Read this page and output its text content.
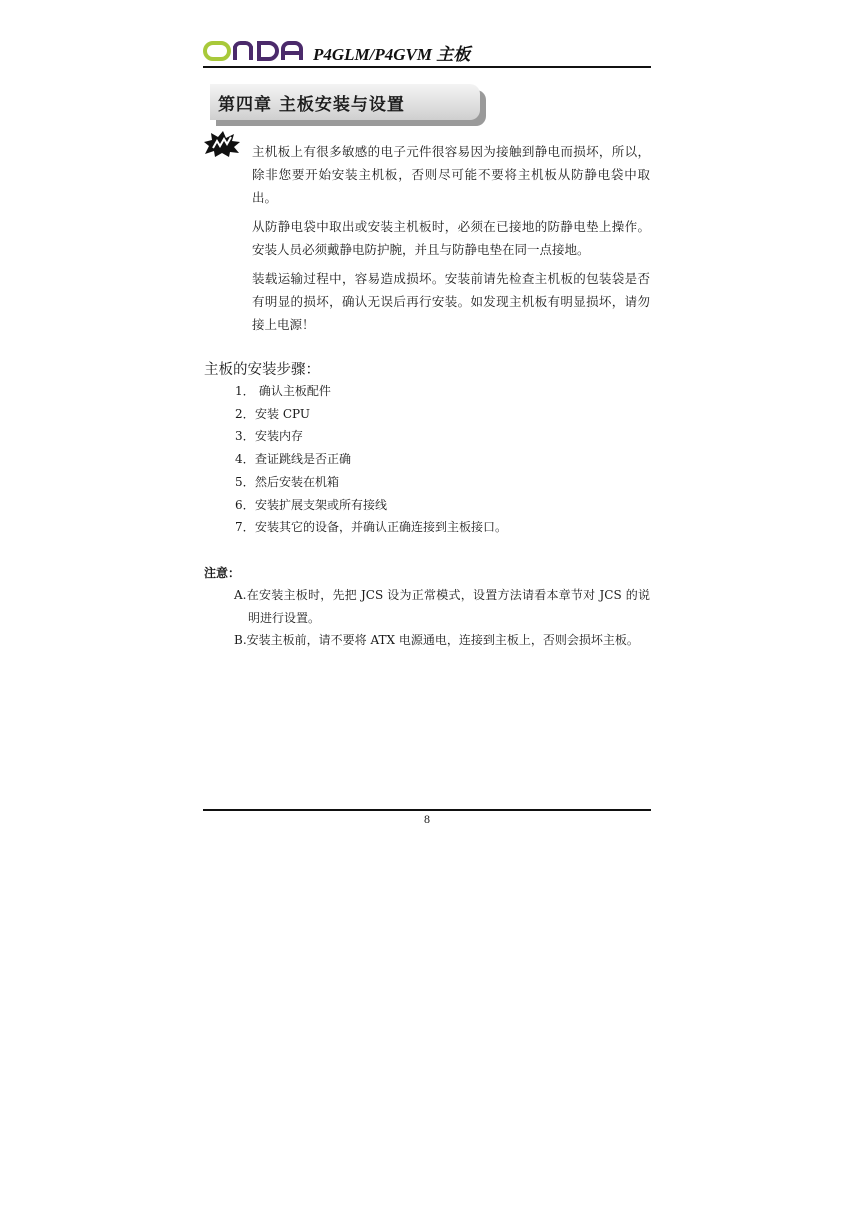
P4GLM/P4GVM 主板
第四章 主板安装与设置

主机板上有很多敏感的电子元件很容易因为接触到静电而损坏，所以，除非您要开始安装主机板，否则尽可能不要将主机板从防静电袋中取出。

从防静电袋中取出或安装主机板时，必须在已接地的防静电垫上操作。安装人员必须戴静电防护腕，并且与防静电垫在同一点接地。

装载运输过程中，容易造成损坏。安装前请先检查主机板的包装袋是否有明显的损坏，确认无误后再行安装。如发现主机板有明显损坏，请勿接上电源！

主板的安装步骤：
1． 确认主板配件
2．安装 CPU
3．安装内存
4．查证跳线是否正确
5．然后安装在机箱
6．安装扩展支架或所有接线
7．安装其它的设备，并确认正确连接到主板接口。
注意：
A.在安装主板时，先把 JCS 设为正常模式，设置方法请看本章节对 JCS 的说明进行设置。
B.安装主板前，请不要将 ATX 电源通电，连接到主板上，否则会损坏主板。
8
